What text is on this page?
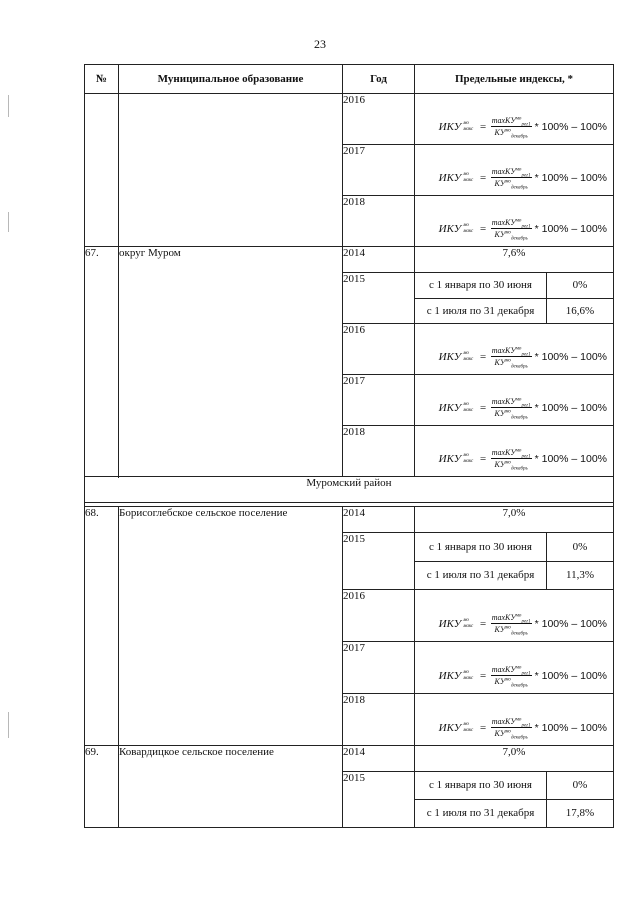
23
№	Муниципальное образование	Год	Предельные индексы, *
		2016	
ИКУ мо
макс = $\frac{\max KУ^{мо}_{peг1}}{KУ^{мо}_{декабрь}} * 100\% - 100\%$

2017	
ИКУ мо
макс = $\frac{\max KУ^{мо}_{peг1}}{KУ^{мо}_{декабрь}} * 100\% - 100\%$

2018	
ИКУ мо
макс = $\frac{\max KУ^{мо}_{peг1}}{KУ^{мо}_{декабрь}} * 100\% - 100\%$

67.	округ Муром	2014	7,6%
2015	
с 1 января по 30 июня	0%
с 1 июля по 31 декабря	16,6%

2016	
ИКУ мо
макс = $\frac{\max KУ^{мо}_{peг1}}{KУ^{мо}_{декабрь}} * 100\% - 100\%$

2017	
ИКУ мо
макс = $\frac{\max KУ^{мо}_{peг1}}{KУ^{мо}_{декабрь}} * 100\% - 100\%$

2018	
ИКУ мо
макс = $\frac{\max KУ^{мо}_{peг1}}{KУ^{мо}_{декабрь}} * 100\% - 100\%$

Муромский район

68.	Борисоглебское сельское поселение	2014	7,0%
2015	
с 1 января по 30 июня	0%
с 1 июля по 31 декабря	11,3%

2016	
ИКУ мо
макс = $\frac{\max KУ^{мо}_{peг1}}{KУ^{мо}_{декабрь}} * 100\% - 100\%$

2017	
ИКУ мо
макс = $\frac{\max KУ^{мо}_{peг1}}{KУ^{мо}_{декабрь}} * 100\% - 100\%$

2018	
ИКУ мо
макс = $\frac{\max KУ^{мо}_{peг1}}{KУ^{мо}_{декабрь}} * 100\% - 100\%$

69.	Ковардицкое сельское поселение	2014	7,0%
2015	
с 1 января по 30 июня	0%
с 1 июля по 31 декабря	17,8%
